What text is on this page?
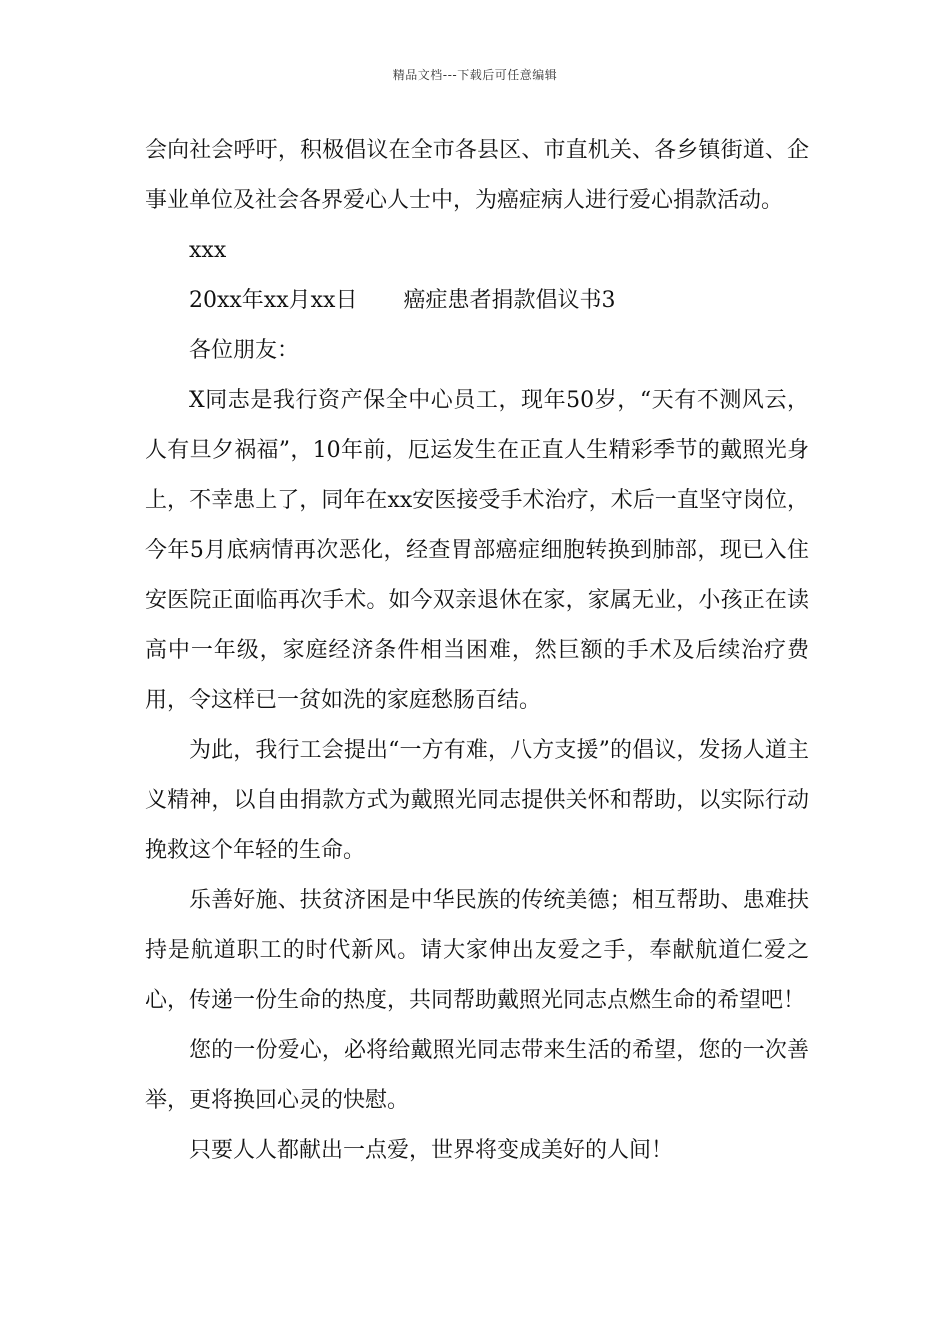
精品文档---下载后可任意编辑

会向社会呼吁，积极倡议在全市各县区、市直机关、各乡镇街道、企事业单位及社会各界爱心人士中，为癌症病人进行爱心捐款活动。

xxx

20xx年xx月xx日 癌症患者捐款倡议书3

各位朋友：

X同志是我行资产保全中心员工，现年50岁，“天有不测风云，人有旦夕祸福”，10年前，厄运发生在正直人生精彩季节的戴照光身上，不幸患上了，同年在xx安医接受手术治疗，术后一直坚守岗位，今年5月底病情再次恶化，经查胃部癌症细胞转换到肺部，现已入住安医院正面临再次手术。如今双亲退休在家，家属无业，小孩正在读高中一年级，家庭经济条件相当困难，然巨额的手术及后续治疗费用，令这样已一贫如洗的家庭愁肠百结。

为此，我行工会提出“一方有难，八方支援”的倡议，发扬人道主义精神，以自由捐款方式为戴照光同志提供关怀和帮助，以实际行动挽救这个年轻的生命。

乐善好施、扶贫济困是中华民族的传统美德；相互帮助、患难扶持是航道职工的时代新风。请大家伸出友爱之手，奉献航道仁爱之心，传递一份生命的热度，共同帮助戴照光同志点燃生命的希望吧！

您的一份爱心，必将给戴照光同志带来生活的希望，您的一次善举，更将换回心灵的快慰。

只要人人都献出一点爱，世界将变成美好的人间！
